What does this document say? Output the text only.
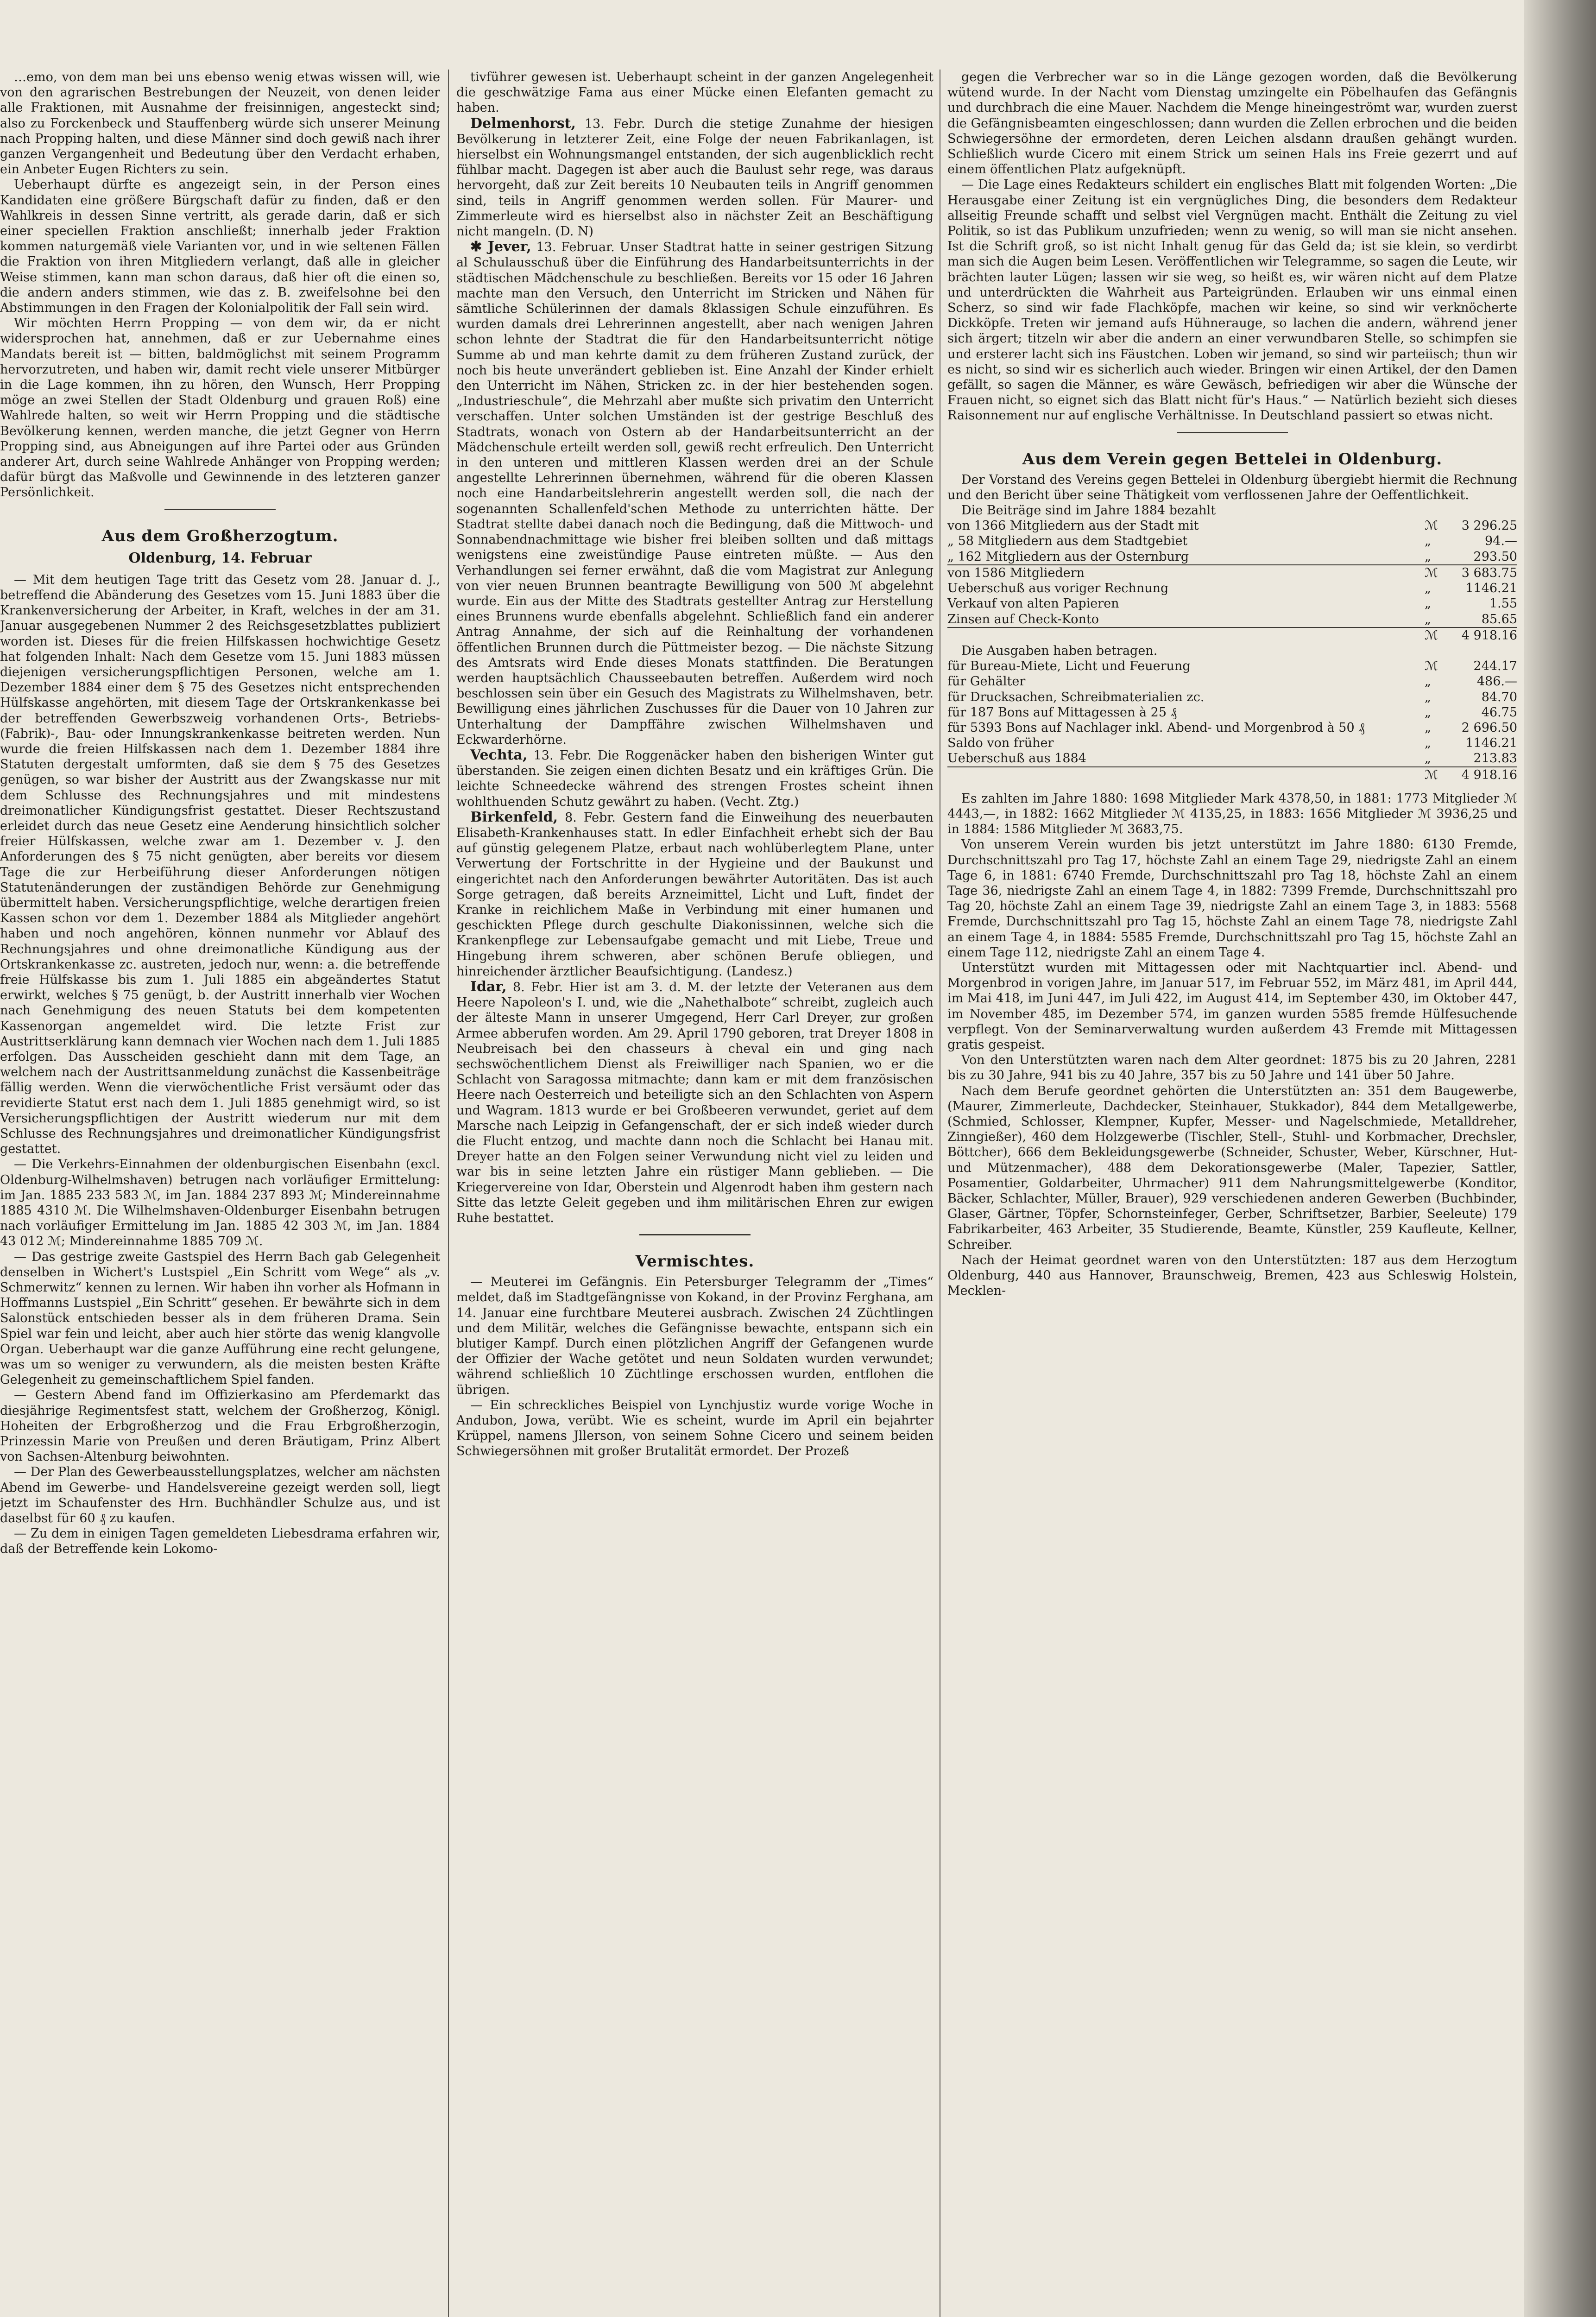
…emo, von dem man bei uns ebenso wenig etwas wissen will, wie von den agrarischen Bestrebungen der Neuzeit, von denen leider alle Fraktionen, mit Ausnahme der freisinnigen, angesteckt sind; also zu Forckenbeck und Stauffenberg würde sich unserer Meinung nach Propping halten, und diese Männer sind doch gewiß nach ihrer ganzen Vergangenheit und Bedeutung über den Verdacht erhaben, ein Anbeter Eugen Richters zu sein.

Ueberhaupt dürfte es angezeigt sein, in der Person eines Kandidaten eine größere Bürgschaft dafür zu finden, daß er den Wahlkreis in dessen Sinne vertritt, als gerade darin, daß er sich einer speciellen Fraktion anschließt; innerhalb jeder Fraktion kommen naturgemäß viele Varianten vor, und in wie seltenen Fällen die Fraktion von ihren Mitgliedern verlangt, daß alle in gleicher Weise stimmen, kann man schon daraus, daß hier oft die einen so, die andern anders stimmen, wie das z. B. zweifelsohne bei den Abstimmungen in den Fragen der Kolonialpolitik der Fall sein wird.

Wir möchten Herrn Propping — von dem wir, da er nicht widersprochen hat, annehmen, daß er zur Uebernahme eines Mandats bereit ist — bitten, baldmöglichst mit seinem Programm hervorzutreten, und haben wir, damit recht viele unserer Mitbürger in die Lage kommen, ihn zu hören, den Wunsch, Herr Propping möge an zwei Stellen der Stadt Oldenburg und grauen Roß) eine Wahlrede halten, so weit wir Herrn Propping und die städtische Bevölkerung kennen, werden manche, die jetzt Gegner von Herrn Propping sind, aus Abneigungen auf ihre Partei oder aus Gründen anderer Art, durch seine Wahlrede Anhänger von Propping werden; dafür bürgt das Maßvolle und Gewinnende in des letzteren ganzer Persönlichkeit.

Aus dem Großherzogtum.
Oldenburg, 14. Februar

— Mit dem heutigen Tage tritt das Gesetz vom 28. Januar d. J., betreffend die Abänderung des Gesetzes vom 15. Juni 1883 über die Krankenversicherung der Arbeiter, in Kraft, welches in der am 31. Januar ausgegebenen Nummer 2 des Reichsgesetzblattes publiziert worden ist. Dieses für die freien Hilfskassen hochwichtige Gesetz hat folgenden Inhalt: Nach dem Gesetze vom 15. Juni 1883 müssen diejenigen versicherungspflichtigen Personen, welche am 1. Dezember 1884 einer dem § 75 des Gesetzes nicht entsprechenden Hülfskasse angehörten, mit diesem Tage der Ortskrankenkasse bei der betreffenden Gewerbszweig vorhandenen Orts-, Betriebs- (Fabrik)-, Bau- oder Innungskrankenkasse beitreten werden. Nun wurde die freien Hilfskassen nach dem 1. Dezember 1884 ihre Statuten dergestalt umformten, daß sie dem § 75 des Gesetzes genügen, so war bisher der Austritt aus der Zwangskasse nur mit dem Schlusse des Rechnungsjahres und mit mindestens dreimonatlicher Kündigungsfrist gestattet. Dieser Rechtszustand erleidet durch das neue Gesetz eine Aenderung hinsichtlich solcher freier Hülfskassen, welche zwar am 1. Dezember v. J. den Anforderungen des § 75 nicht genügten, aber bereits vor diesem Tage die zur Herbeiführung dieser Anforderungen nötigen Statutenänderungen der zuständigen Behörde zur Genehmigung übermittelt haben. Versicherungspflichtige, welche derartigen freien Kassen schon vor dem 1. Dezember 1884 als Mitglieder angehört haben und noch angehören, können nunmehr vor Ablauf des Rechnungsjahres und ohne dreimonatliche Kündigung aus der Ortskrankenkasse zc. austreten, jedoch nur, wenn: a. die betreffende freie Hülfskasse bis zum 1. Juli 1885 ein abgeändertes Statut erwirkt, welches § 75 genügt, b. der Austritt innerhalb vier Wochen nach Genehmigung des neuen Statuts bei dem kompetenten Kassenorgan angemeldet wird. Die letzte Frist zur Austrittserklärung kann demnach vier Wochen nach dem 1. Juli 1885 erfolgen. Das Ausscheiden geschieht dann mit dem Tage, an welchem nach der Austrittsanmeldung zunächst die Kassenbeiträge fällig werden. Wenn die vierwöchentliche Frist versäumt oder das revidierte Statut erst nach dem 1. Juli 1885 genehmigt wird, so ist Versicherungspflichtigen der Austritt wiederum nur mit dem Schlusse des Rechnungsjahres und dreimonatlicher Kündigungsfrist gestattet.

— Die Verkehrs-Einnahmen der oldenburgischen Eisenbahn (excl. Oldenburg-Wilhelmshaven) betrugen nach vorläufiger Ermittelung: im Jan. 1885 233 583 ℳ, im Jan. 1884 237 893 ℳ; Mindereinnahme 1885 4310 ℳ. Die Wilhelmshaven-Oldenburger Eisenbahn betrugen nach vorläufiger Ermittelung im Jan. 1885 42 303 ℳ, im Jan. 1884 43 012 ℳ; Mindereinnahme 1885 709 ℳ.

— Das gestrige zweite Gastspiel des Herrn Bach gab Gelegenheit denselben in Wichert's Lustspiel „Ein Schritt vom Wege“ als „v. Schmerwitz“ kennen zu lernen. Wir haben ihn vorher als Hofmann in Hoffmanns Lustspiel „Ein Schritt“ gesehen. Er bewährte sich in dem Salonstück entschieden besser als in dem früheren Drama. Sein Spiel war fein und leicht, aber auch hier störte das wenig klangvolle Organ. Ueberhaupt war die ganze Aufführung eine recht gelungene, was um so weniger zu verwundern, als die meisten besten Kräfte Gelegenheit zu gemeinschaftlichem Spiel fanden.

— Gestern Abend fand im Offizierkasino am Pferdemarkt das diesjährige Regimentsfest statt, welchem der Großherzog, Königl. Hoheiten der Erbgroßherzog und die Frau Erbgroßherzogin, Prinzessin Marie von Preußen und deren Bräutigam, Prinz Albert von Sachsen-Altenburg beiwohnten.

— Der Plan des Gewerbeausstellungsplatzes, welcher am nächsten Abend im Gewerbe- und Handelsvereine gezeigt werden soll, liegt jetzt im Schaufenster des Hrn. Buchhändler Schulze aus, und ist daselbst für 60 ₰ zu kaufen.

— Zu dem in einigen Tagen gemeldeten Liebesdrama erfahren wir, daß der Betreffende kein Lokomo-

tivführer gewesen ist. Ueberhaupt scheint in der ganzen Angelegenheit die geschwätzige Fama aus einer Mücke einen Elefanten gemacht zu haben.

Delmenhorst, 13. Febr. Durch die stetige Zunahme der hiesigen Bevölkerung in letzterer Zeit, eine Folge der neuen Fabrikanlagen, ist hierselbst ein Wohnungsmangel entstanden, der sich augenblicklich recht fühlbar macht. Dagegen ist aber auch die Baulust sehr rege, was daraus hervorgeht, daß zur Zeit bereits 10 Neubauten teils in Angriff genommen sind, teils in Angriff genommen werden sollen. Für Maurer- und Zimmerleute wird es hierselbst also in nächster Zeit an Beschäftigung nicht mangeln. (D. N)

✱ Jever, 13. Februar. Unser Stadtrat hatte in seiner gestrigen Sitzung al Schulausschuß über die Einführung des Handarbeitsunterrichts in der städtischen Mädchenschule zu beschließen. Bereits vor 15 oder 16 Jahren machte man den Versuch, den Unterricht im Stricken und Nähen für sämtliche Schülerinnen der damals 8klassigen Schule einzuführen. Es wurden damals drei Lehrerinnen angestellt, aber nach wenigen Jahren schon lehnte der Stadtrat die für den Handarbeitsunterricht nötige Summe ab und man kehrte damit zu dem früheren Zustand zurück, der noch bis heute unverändert geblieben ist. Eine Anzahl der Kinder erhielt den Unterricht im Nähen, Stricken zc. in der hier bestehenden sogen. „Industrieschule“, die Mehrzahl aber mußte sich privatim den Unterricht verschaffen. Unter solchen Umständen ist der gestrige Beschluß des Stadtrats, wonach von Ostern ab der Handarbeitsunterricht an der Mädchenschule erteilt werden soll, gewiß recht erfreulich. Den Unterricht in den unteren und mittleren Klassen werden drei an der Schule angestellte Lehrerinnen übernehmen, während für die oberen Klassen noch eine Handarbeitslehrerin angestellt werden soll, die nach der sogenannten Schallenfeld'schen Methode zu unterrichten hätte. Der Stadtrat stellte dabei danach noch die Bedingung, daß die Mittwoch- und Sonnabendnachmittage wie bisher frei bleiben sollten und daß mittags wenigstens eine zweistündige Pause eintreten müßte. — Aus den Verhandlungen sei ferner erwähnt, daß die vom Magistrat zur Anlegung von vier neuen Brunnen beantragte Bewilligung von 500 ℳ abgelehnt wurde. Ein aus der Mitte des Stadtrats gestellter Antrag zur Herstellung eines Brunnens wurde ebenfalls abgelehnt. Schließlich fand ein anderer Antrag Annahme, der sich auf die Reinhaltung der vorhandenen öffentlichen Brunnen durch die Püttmeister bezog. — Die nächste Sitzung des Amtsrats wird Ende dieses Monats stattfinden. Die Beratungen werden hauptsächlich Chausseebauten betreffen. Außerdem wird noch beschlossen sein über ein Gesuch des Magistrats zu Wilhelmshaven, betr. Bewilligung eines jährlichen Zuschusses für die Dauer von 10 Jahren zur Unterhaltung der Dampffähre zwischen Wilhelmshaven und Eckwarderhörne.

Vechta, 13. Febr. Die Roggenäcker haben den bisherigen Winter gut überstanden. Sie zeigen einen dichten Besatz und ein kräftiges Grün. Die leichte Schneedecke während des strengen Frostes scheint ihnen wohlthuenden Schutz gewährt zu haben. (Vecht. Ztg.)

Birkenfeld, 8. Febr. Gestern fand die Einweihung des neuerbauten Elisabeth-Krankenhauses statt. In edler Einfachheit erhebt sich der Bau auf günstig gelegenem Platze, erbaut nach wohlüberlegtem Plane, unter Verwertung der Fortschritte in der Hygieine und der Baukunst und eingerichtet nach den Anforderungen bewährter Autoritäten. Das ist auch Sorge getragen, daß bereits Arzneimittel, Licht und Luft, findet der Kranke in reichlichem Maße in Verbindung mit einer humanen und geschickten Pflege durch geschulte Diakonissinnen, welche sich die Krankenpflege zur Lebensaufgabe gemacht und mit Liebe, Treue und Hingebung ihrem schweren, aber schönen Berufe obliegen, und hinreichender ärztlicher Beaufsichtigung. (Landesz.)

Idar, 8. Febr. Hier ist am 3. d. M. der letzte der Veteranen aus dem Heere Napoleon's I. und, wie die „Nahethalbote“ schreibt, zugleich auch der älteste Mann in unserer Umgegend, Herr Carl Dreyer, zur großen Armee abberufen worden. Am 29. April 1790 geboren, trat Dreyer 1808 in Neubreisach bei den chasseurs à cheval ein und ging nach sechswöchentlichem Dienst als Freiwilliger nach Spanien, wo er die Schlacht von Saragossa mitmachte; dann kam er mit dem französischen Heere nach Oesterreich und beteiligte sich an den Schlachten von Aspern und Wagram. 1813 wurde er bei Großbeeren verwundet, geriet auf dem Marsche nach Leipzig in Gefangenschaft, der er sich indeß wieder durch die Flucht entzog, und machte dann noch die Schlacht bei Hanau mit. Dreyer hatte an den Folgen seiner Verwundung nicht viel zu leiden und war bis in seine letzten Jahre ein rüstiger Mann geblieben. — Die Kriegervereine von Idar, Oberstein und Algenrodt haben ihm gestern nach Sitte das letzte Geleit gegeben und ihm militärischen Ehren zur ewigen Ruhe bestattet.

Vermischtes.

— Meuterei im Gefängnis. Ein Petersburger Telegramm der „Times“ meldet, daß im Stadtgefängnisse von Kokand, in der Provinz Ferghana, am 14. Januar eine furchtbare Meuterei ausbrach. Zwischen 24 Züchtlingen und dem Militär, welches die Gefängnisse bewachte, entspann sich ein blutiger Kampf. Durch einen plötzlichen Angriff der Gefangenen wurde der Offizier der Wache getötet und neun Soldaten wurden verwundet; während schließlich 10 Züchtlinge erschossen wurden, entflohen die übrigen.

— Ein schreckliches Beispiel von Lynchjustiz wurde vorige Woche in Andubon, Jowa, verübt. Wie es scheint, wurde im April ein bejahrter Krüppel, namens Jllerson, von seinem Sohne Cicero und seinem beiden Schwiegersöhnen mit großer Brutalität ermordet. Der Prozeß

gegen die Verbrecher war so in die Länge gezogen worden, daß die Bevölkerung wütend wurde. In der Nacht vom Dienstag umzingelte ein Pöbelhaufen das Gefängnis und durchbrach die eine Mauer. Nachdem die Menge hineingeströmt war, wurden zuerst die Gefängnisbeamten eingeschlossen; dann wurden die Zellen erbrochen und die beiden Schwiegersöhne der ermordeten, deren Leichen alsdann draußen gehängt wurden. Schließlich wurde Cicero mit einem Strick um seinen Hals ins Freie gezerrt und auf einem öffentlichen Platz aufgeknüpft.

— Die Lage eines Redakteurs schildert ein englisches Blatt mit folgenden Worten: „Die Herausgabe einer Zeitung ist ein vergnügliches Ding, die besonders dem Redakteur allseitig Freunde schafft und selbst viel Vergnügen macht. Enthält die Zeitung zu viel Politik, so ist das Publikum unzufrieden; wenn zu wenig, so will man sie nicht ansehen. Ist die Schrift groß, so ist nicht Inhalt genug für das Geld da; ist sie klein, so verdirbt man sich die Augen beim Lesen. Veröffentlichen wir Telegramme, so sagen die Leute, wir brächten lauter Lügen; lassen wir sie weg, so heißt es, wir wären nicht auf dem Platze und unterdrückten die Wahrheit aus Parteigründen. Erlauben wir uns einmal einen Scherz, so sind wir fade Flachköpfe, machen wir keine, so sind wir verknöcherte Dickköpfe. Treten wir jemand aufs Hühnerauge, so lachen die andern, während jener sich ärgert; titzeln wir aber die andern an einer verwundbaren Stelle, so schimpfen sie und ersterer lacht sich ins Fäustchen. Loben wir jemand, so sind wir parteiisch; thun wir es nicht, so sind wir es sicherlich auch wieder. Bringen wir einen Artikel, der den Damen gefällt, so sagen die Männer, es wäre Gewäsch, befriedigen wir aber die Wünsche der Frauen nicht, so eignet sich das Blatt nicht für's Haus.“ — Natürlich bezieht sich dieses Raisonnement nur auf englische Verhältnisse. In Deutschland passiert so etwas nicht.

Aus dem Verein gegen Bettelei in Oldenburg.

Der Vorstand des Vereins gegen Bettelei in Oldenburg übergiebt hiermit die Rechnung und den Bericht über seine Thätigkeit vom verflossenen Jahre der Oeffentlichkeit.

Die Beiträge sind im Jahre 1884 bezahlt

von 1366 Mitgliedern aus der Stadt mit	ℳ	3 296.25
„ 58 Mitgliedern aus dem Stadtgebiet	„	94.—
„ 162 Mitgliedern aus der Osternburg	„	293.50
von 1586 Mitgliedern	ℳ	3 683.75
Ueberschuß aus voriger Rechnung	„	1146.21
Verkauf von alten Papieren	„	1.55
Zinsen auf Check-Konto	„	85.65
	ℳ	4 918.16

Die Ausgaben haben betragen.

für Bureau-Miete, Licht und Feuerung	ℳ	244.17
für Gehälter	„	486.—
für Drucksachen, Schreibmaterialien zc.	„	84.70
für 187 Bons auf Mittagessen à 25 ₰	„	46.75
für 5393 Bons auf Nachlager inkl. Abend- und Morgenbrod à 50 ₰	„	2 696.50
Saldo von früher	„	1146.21
Ueberschuß aus 1884	„	213.83
	ℳ	4 918.16

Es zahlten im Jahre 1880: 1698 Mitglieder Mark 4378,50, in 1881: 1773 Mitglieder ℳ 4443,—, in 1882: 1662 Mitglieder ℳ 4135,25, in 1883: 1656 Mitglieder ℳ 3936,25 und in 1884: 1586 Mitglieder ℳ 3683,75.

Von unserem Verein wurden bis jetzt unterstützt im Jahre 1880: 6130 Fremde, Durchschnittszahl pro Tag 17, höchste Zahl an einem Tage 29, niedrigste Zahl an einem Tage 6, in 1881: 6740 Fremde, Durchschnittszahl pro Tag 18, höchste Zahl an einem Tage 36, niedrigste Zahl an einem Tage 4, in 1882: 7399 Fremde, Durchschnittszahl pro Tag 20, höchste Zahl an einem Tage 39, niedrigste Zahl an einem Tage 3, in 1883: 5568 Fremde, Durchschnittszahl pro Tag 15, höchste Zahl an einem Tage 78, niedrigste Zahl an einem Tage 4, in 1884: 5585 Fremde, Durchschnittszahl pro Tag 15, höchste Zahl an einem Tage 112, niedrigste Zahl an einem Tage 4.

Unterstützt wurden mit Mittagessen oder mit Nachtquartier incl. Abend- und Morgenbrod in vorigen Jahre, im Januar 517, im Februar 552, im März 481, im April 444, im Mai 418, im Juni 447, im Juli 422, im August 414, im September 430, im Oktober 447, im November 485, im Dezember 574, im ganzen wurden 5585 fremde Hülfesuchende verpflegt. Von der Seminarverwaltung wurden außerdem 43 Fremde mit Mittagessen gratis gespeist.

Von den Unterstützten waren nach dem Alter geordnet: 1875 bis zu 20 Jahren, 2281 bis zu 30 Jahre, 941 bis zu 40 Jahre, 357 bis zu 50 Jahre und 141 über 50 Jahre.

Nach dem Berufe geordnet gehörten die Unterstützten an: 351 dem Baugewerbe, (Maurer, Zimmerleute, Dachdecker, Steinhauer, Stukkador), 844 dem Metallgewerbe, (Schmied, Schlosser, Klempner, Kupfer, Messer- und Nagelschmiede, Metalldreher, Zinngießer), 460 dem Holzgewerbe (Tischler, Stell-, Stuhl- und Korbmacher, Drechsler, Böttcher), 666 dem Bekleidungsgewerbe (Schneider, Schuster, Weber, Kürschner, Hut- und Mützenmacher), 488 dem Dekorationsgewerbe (Maler, Tapezier, Sattler, Posamentier, Goldarbeiter, Uhrmacher) 911 dem Nahrungsmittelgewerbe (Konditor, Bäcker, Schlachter, Müller, Brauer), 929 verschiedenen anderen Gewerben (Buchbinder, Glaser, Gärtner, Töpfer, Schornsteinfeger, Gerber, Schriftsetzer, Barbier, Seeleute) 179 Fabrikarbeiter, 463 Arbeiter, 35 Studierende, Beamte, Künstler, 259 Kaufleute, Kellner, Schreiber.

Nach der Heimat geordnet waren von den Unterstützten: 187 aus dem Herzogtum Oldenburg, 440 aus Hannover, Braunschweig, Bremen, 423 aus Schleswig Holstein, Mecklen-
